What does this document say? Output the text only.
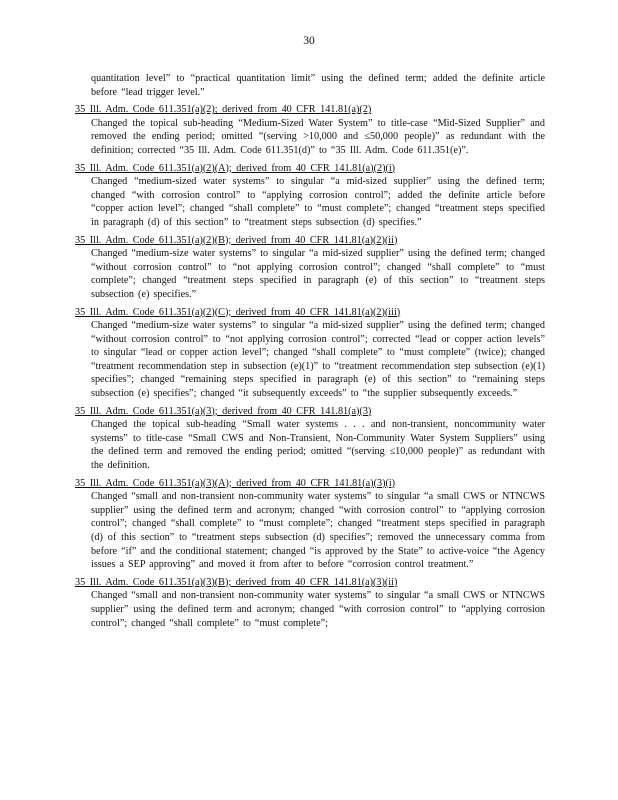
30
quantitation level” to “practical quantitation limit” using the defined term; added the definite article before “lead trigger level.”
35 Ill. Adm. Code 611.351(a)(2); derived from 40 CFR 141.81(a)(2)
Changed the topical sub-heading “Medium-Sized Water System” to title-case “Mid-Sized Supplier” and removed the ending period; omitted “(serving >10,000 and ≤50,000 people)” as redundant with the definition; corrected “35 Ill. Adm. Code 611.351(d)” to “35 Ill. Adm. Code 611.351(e)”.
35 Ill. Adm. Code 611.351(a)(2)(A); derived from 40 CFR 141.81(a)(2)(i)
Changed “medium-sized water systems” to singular “a mid-sized supplier” using the defined term; changed “with corrosion control” to “applying corrosion control”; added the definite article before “copper action level”; changed “shall complete” to “must complete”; changed “treatment steps specified in paragraph (d) of this section” to “treatment steps subsection (d) specifies.”
35 Ill. Adm. Code 611.351(a)(2)(B); derived from 40 CFR 141.81(a)(2)(ii)
Changed “medium-size water systems” to singular “a mid-sized supplier” using the defined term; changed “without corrosion control” to “not applying corrosion control”; changed “shall complete” to “must complete”; changed “treatment steps specified in paragraph (e) of this section” to “treatment steps subsection (e) specifies.”
35 Ill. Adm. Code 611.351(a)(2)(C); derived from 40 CFR 141.81(a)(2)(iii)
Changed “medium-size water systems” to singular “a mid-sized supplier” using the defined term; changed “without corrosion control” to “not applying corrosion control”; corrected “lead or copper action levels” to singular “lead or copper action level”; changed “shall complete” to “must complete” (twice); changed “treatment recommendation step in subsection (e)(1)” to “treatment recommendation step subsection (e)(1) specifies”; changed “remaining steps specified in paragraph (e) of this section” to “remaining steps subsection (e) specifies”; changed “it subsequently exceeds” to “the supplier subsequently exceeds.”
35 Ill. Adm. Code 611.351(a)(3); derived from 40 CFR 141.81(a)(3)
Changed the topical sub-heading “Small water systems . . . and non-transient, noncommunity water systems” to title-case “Small CWS and Non-Transient, Non-Community Water System Suppliers” using the defined term and removed the ending period; omitted “(serving ≤10,000 people)” as redundant with the definition.
35 Ill. Adm. Code 611.351(a)(3)(A); derived from 40 CFR 141.81(a)(3)(i)
Changed “small and non-transient non-community water systems” to singular “a small CWS or NTNCWS supplier” using the defined term and acronym; changed “with corrosion control” to “applying corrosion control”; changed “shall complete” to “must complete”; changed “treatment steps specified in paragraph (d) of this section” to “treatment steps subsection (d) specifies”; removed the unnecessary comma from before “if” and the conditional statement; changed “is approved by the State” to active-voice “the Agency issues a SEP approving” and moved it from after to before “corrosion control treatment.”
35 Ill. Adm. Code 611.351(a)(3)(B); derived from 40 CFR 141.81(a)(3)(ii)
Changed “small and non-transient non-community water systems” to singular “a small CWS or NTNCWS supplier” using the defined term and acronym; changed “with corrosion control” to “applying corrosion control”; changed “shall complete” to “must complete”;
